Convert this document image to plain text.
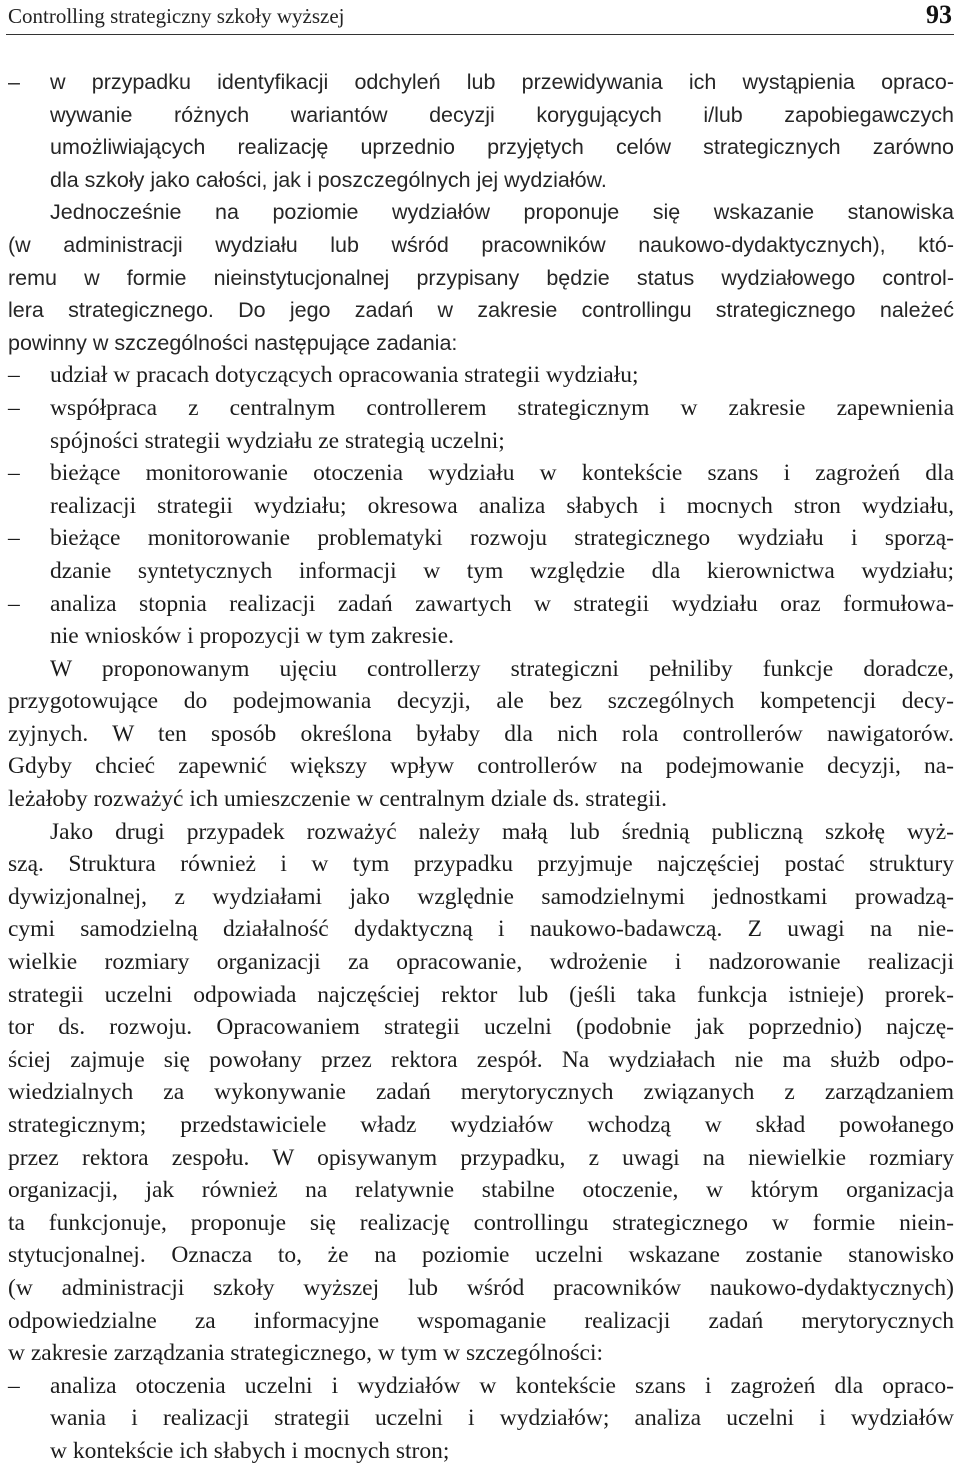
Controlling strategiczny szkoły wyższej	93
– w przypadku identyfikacji odchyleń lub przewidywania ich wystąpienia opraco-
wywanie różnych wariantów decyzji korygujących i/lub zapobiegawczych
umożliwiających realizację uprzednio przyjętych celów strategicznych zarówno
dla szkoły jako całości, jak i poszczególnych jej wydziałów.
Jednocześnie na poziomie wydziałów proponuje się wskazanie stanowiska
(w administracji wydziału lub wśród pracowników naukowo-dydaktycznych), któ-
remu w formie nieinstytucjonalnej przypisany będzie status wydziałowego control-
lera strategicznego. Do jego zadań w zakresie controllingu strategicznego należeć
powinny w szczególności następujące zadania:
– udział w pracach dotyczących opracowania strategii wydziału;
– współpraca z centralnym controllerem strategicznym w zakresie zapewnienia
spójności strategii wydziału ze strategią uczelni;
– bieżące monitorowanie otoczenia wydziału w kontekście szans i zagrożeń dla
realizacji strategii wydziału; okresowa analiza słabych i mocnych stron wydziału,
– bieżące monitorowanie problematyki rozwoju strategicznego wydziału i sporzą-
dzanie syntetycznych informacji w tym względzie dla kierownictwa wydziału;
– analiza stopnia realizacji zadań zawartych w strategii wydziału oraz formułowa-
nie wniosków i propozycji w tym zakresie.
W proponowanym ujęciu controllerzy strategiczni pełniliby funkcje doradcze,
przygotowujące do podejmowania decyzji, ale bez szczególnych kompetencji decy-
zyjnych. W ten sposób określona byłaby dla nich rola controllerów nawigatorów.
Gdyby chcieć zapewnić większy wpływ controllerów na podejmowanie decyzji, na-
leżałoby rozważyć ich umieszczenie w centralnym dziale ds. strategii.
Jako drugi przypadek rozważyć należy małą lub średnią publiczną szkołę wyż-
szą. Struktura również i w tym przypadku przyjmuje najczęściej postać struktury
dywizjonalnej, z wydziałami jako względnie samodzielnymi jednostkami prowadzą-
cymi samodzielną działalność dydaktyczną i naukowo-badawczą. Z uwagi na nie-
wielkie rozmiary organizacji za opracowanie, wdrożenie i nadzorowanie realizacji
strategii uczelni odpowiada najczęściej rektor lub (jeśli taka funkcja istnieje) prorek-
tor ds. rozwoju. Opracowaniem strategii uczelni (podobnie jak poprzednio) najczę-
ściej zajmuje się powołany przez rektora zespół. Na wydziałach nie ma służb odpo-
wiedzialnych za wykonywanie zadań merytorycznych związanych z zarządzaniem
strategicznym; przedstawiciele władz wydziałów wchodzą w skład powołanego
przez rektora zespołu. W opisywanym przypadku, z uwagi na niewielkie rozmiary
organizacji, jak również na relatywnie stabilne otoczenie, w którym organizacja
ta funkcjonuje, proponuje się realizację controllingu strategicznego w formie niein-
stytucjonalnej. Oznacza to, że na poziomie uczelni wskazane zostanie stanowisko
(w administracji szkoły wyższej lub wśród pracowników naukowo-dydaktycznych)
odpowiedzialne za informacyjne wspomaganie realizacji zadań merytorycznych
w zakresie zarządzania strategicznego, w tym w szczególności:
– analiza otoczenia uczelni i wydziałów w kontekście szans i zagrożeń dla opraco-
wania i realizacji strategii uczelni i wydziałów; analiza uczelni i wydziałów
w kontekście ich słabych i mocnych stron;
